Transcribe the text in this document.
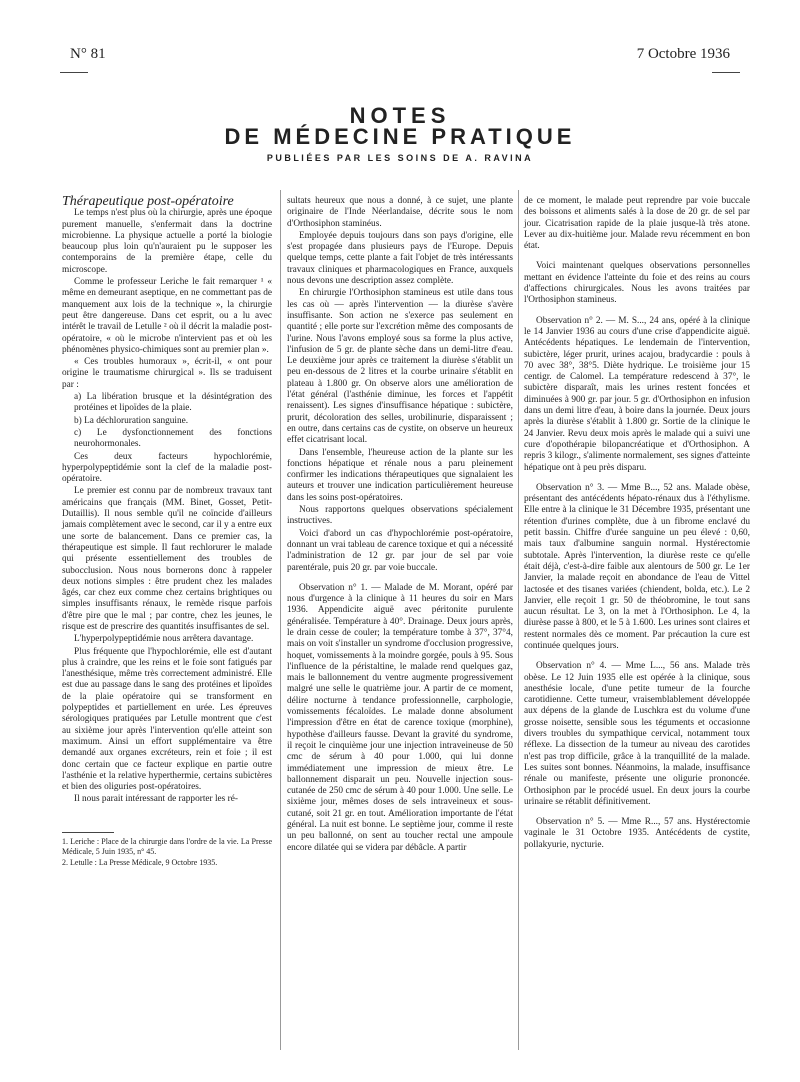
N° 81	7 Octobre 1936
NOTES
DE MÉDECINE PRATIQUE
PUBLIÉES PAR LES SOINS DE A. RAVINA

Thérapeutique post-opératoire

Le temps n'est plus où la chirurgie, après une époque purement manuelle, s'enfermait dans la doctrine microbienne. La physique actuelle a porté la biologie beaucoup plus loin qu'n'auraient pu le supposer les contemporains de la première étape, celle du microscope.

Comme le professeur Leriche le fait remarquer ¹ « même en demeurant aseptique, en ne commettant pas de manquement aux lois de la technique », la chirurgie peut être dangereuse. Dans cet esprit, ou a lu avec intérêt le travail de Letulle ² où il décrit la maladie post-opératoire, « où le microbe n'intervient pas et où les phénomènes physico-chimiques sont au premier plan ».

« Ces troubles humoraux », écrit-il, « ont pour origine le traumatisme chirurgical ». Ils se traduisent par :

a) La libération brusque et la désintégration des protéines et lipoïdes de la plaie.

b) La déchloruration sanguine.

c) Le dysfonctionnement des fonctions neurohormonales.

Ces deux facteurs hypochlorémie, hyperpolypeptidémie sont la clef de la maladie post-opératoire.

Le premier est connu par de nombreux travaux tant américains que français (MM. Binet, Gosset, Petit-Dutaillis). Il nous semble qu'il ne coïncide d'ailleurs jamais complètement avec le second, car il y a entre eux une sorte de balancement. Dans ce premier cas, la thérapeutique est simple. Il faut rechlorurer le malade qui présente essentiellement des troubles de subocclusion. Nous nous bornerons donc à rappeler deux notions simples : être prudent chez les malades âgés, car chez eux comme chez certains brightiques ou simples insuffisants rénaux, le remède risque parfois d'être pire que le mal ; par contre, chez les jeunes, le risque est de prescrire des quantités insuffisantes de sel.

L'hyperpolypeptidémie nous arrêtera davantage.

Plus fréquente que l'hypochlorémie, elle est d'autant plus à craindre, que les reins et le foie sont fatigués par l'anesthésique, même très correctement administré. Elle est due au passage dans le sang des protéines et lipoïdes de la plaie opératoire qui se transforment en polypeptides et partiellement en urée. Les épreuves sérologiques pratiquées par Letulle montrent que c'est au sixième jour après l'intervention qu'elle atteint son maximum. Ainsi un effort supplémentaire va être demandé aux organes excréteurs, rein et foie ; il est donc certain que ce facteur explique en partie outre l'asthénie et la relative hyperthermie, certains subictères et bien des oliguries post-opératoires.

Il nous parait intéressant de rapporter les ré-

1. Leriche : Place de la chirurgie dans l'ordre de la vie. La Presse Médicale, 5 Juin 1935, n° 45.

2. Letulle : La Presse Médicale, 9 Octobre 1935.

sultats heureux que nous a donné, à ce sujet, une plante originaire de l'Inde Néerlandaise, décrite sous le nom d'Orthosiphon staminéus.

Employée depuis toujours dans son pays d'origine, elle s'est propagée dans plusieurs pays de l'Europe. Depuis quelque temps, cette plante a fait l'objet de très intéressants travaux cliniques et pharmacologiques en France, auxquels nous devons une description assez complète.

En chirurgie l'Orthosiphon stamineus est utile dans tous les cas où — après l'intervention — la diurèse s'avère insuffisante. Son action ne s'exerce pas seulement en quantité ; elle porte sur l'excrétion même des composants de l'urine. Nous l'avons employé sous sa forme la plus active, l'infusion de 5 gr. de plante sèche dans un demi-litre d'eau. Le deuxième jour après ce traitement la diurèse s'établit un peu en-dessous de 2 litres et la courbe urinaire s'établit en plateau à 1.800 gr. On observe alors une amélioration de l'état général (l'asthénie diminue, les forces et l'appétit renaissent). Les signes d'insuffisance hépatique : subictère, prurit, décoloration des selles, urobilinurie, disparaissent ; en outre, dans certains cas de cystite, on observe un heureux effet cicatrisant local.

Dans l'ensemble, l'heureuse action de la plante sur les fonctions hépatique et rénale nous a paru pleinement confirmer les indications thérapeutiques que signalaient les auteurs et trouver une indication particulièrement heureuse dans les soins post-opératoires.

Nous rapportons quelques observations spécialement instructives.

Voici d'abord un cas d'hypochlorémie post-opératoire, donnant un vrai tableau de carence toxique et qui a nécessité l'administration de 12 gr. par jour de sel par voie parentérale, puis 20 gr. par voie buccale.

Observation n° 1. — Malade de M. Morant, opéré par nous d'urgence à la clinique à 11 heures du soir en Mars 1936. Appendicite aiguë avec péritonite purulente généralisée. Température à 40°. Drainage. Deux jours après, le drain cesse de couler; la température tombe à 37°, 37°4, mais on voit s'installer un syndrome d'occlusion progressive, hoquet, vomissements à la moindre gorgée, pouls à 95. Sous l'influence de la péristaltine, le malade rend quelques gaz, mais le ballonnement du ventre augmente progressivement malgré une selle le quatrième jour. A partir de ce moment, délire nocturne à tendance professionnelle, carphologie, vomissements fécaloïdes. Le malade donne absolument l'impression d'être en état de carence toxique (morphine), hypothèse d'ailleurs fausse. Devant la gravité du syndrome, il reçoit le cinquième jour une injection intraveineuse de 50 cmc de sérum à 40 pour 1.000, qui lui donne immédiatement une impression de mieux être. Le ballonnement disparait un peu. Nouvelle injection sous-cutanée de 250 cmc de sérum à 40 pour 1.000. Une selle. Le sixième jour, mêmes doses de sels intraveineux et sous-cutané, soit 21 gr. en tout. Amélioration importante de l'état général. La nuit est bonne. Le septième jour, comme il reste un peu ballonné, on sent au toucher rectal une ampoule encore dilatée qui se videra par débâcle. A partir

de ce moment, le malade peut reprendre par voie buccale des boissons et aliments salés à la dose de 20 gr. de sel par jour. Cicatrisation rapide de la plaie jusque-là très atone. Lever au dix-huitième jour. Malade revu récemment en bon état.

Voici maintenant quelques observations personnelles mettant en évidence l'atteinte du foie et des reins au cours d'affections chirurgicales. Nous les avons traitées par l'Orthosiphon stamineus.

Observation n° 2. — M. S..., 24 ans, opéré à la clinique le 14 Janvier 1936 au cours d'une crise d'appendicite aiguë. Antécédents hépatiques. Le lendemain de l'intervention, subictère, léger prurit, urines acajou, bradycardie : pouls à 70 avec 38°, 38°5. Diète hydrique. Le troisième jour 15 centigr. de Calomel. La température redescend à 37°, le subictère disparaît, mais les urines restent foncées et diminuées à 900 gr. par jour. 5 gr. d'Orthosiphon en infusion dans un demi litre d'eau, à boire dans la journée. Deux jours après la diurèse s'établit à 1.800 gr. Sortie de la clinique le 24 Janvier. Revu deux mois après le malade qui a suivi une cure d'opothérapie bilopancréatique et d'Orthosiphon. A repris 3 kilogr., s'alimente normalement, ses signes d'atteinte hépatique ont à peu près disparu.

Observation n° 3. — Mme B..., 52 ans. Malade obèse, présentant des antécédents hépato-rénaux dus à l'éthylisme. Elle entre à la clinique le 31 Décembre 1935, présentant une rétention d'urines complète, due à un fibrome enclavé du petit bassin. Chiffre d'urée sanguine un peu élevé : 0,60, mais taux d'albumine sanguin normal. Hystérectomie subtotale. Après l'intervention, la diurèse reste ce qu'elle était déjà, c'est-à-dire faible aux alentours de 500 gr. Le 1er Janvier, la malade reçoit en abondance de l'eau de Vittel lactosée et des tisanes variées (chiendent, bolda, etc.). Le 2 Janvier, elle reçoit 1 gr. 50 de théobromine, le tout sans aucun résultat. Le 3, on la met à l'Orthosiphon. Le 4, la diurèse passe à 800, et le 5 à 1.600. Les urines sont claires et restent normales dès ce moment. Par précaution la cure est continuée quelques jours.

Observation n° 4. — Mme L..., 56 ans. Malade très obèse. Le 12 Juin 1935 elle est opérée à la clinique, sous anesthésie locale, d'une petite tumeur de la fourche carotidienne. Cette tumeur, vraisemblablement développée aux dépens de la glande de Luschkra est du volume d'une grosse noisette, sensible sous les téguments et occasionne divers troubles du sympathique cervical, notamment toux réflexe. La dissection de la tumeur au niveau des carotides n'est pas trop difficile, grâce à la tranquillité de la malade. Les suites sont bonnes. Néanmoins, la malade, insuffisance rénale ou manifeste, présente une oligurie prononcée. Orthosiphon par le procédé usuel. En deux jours la courbe urinaire se rétablit définitivement.

Observation n° 5. — Mme R..., 57 ans. Hystérectomie vaginale le 31 Octobre 1935. Antécédents de cystite, pollakyurie, nycturie.
